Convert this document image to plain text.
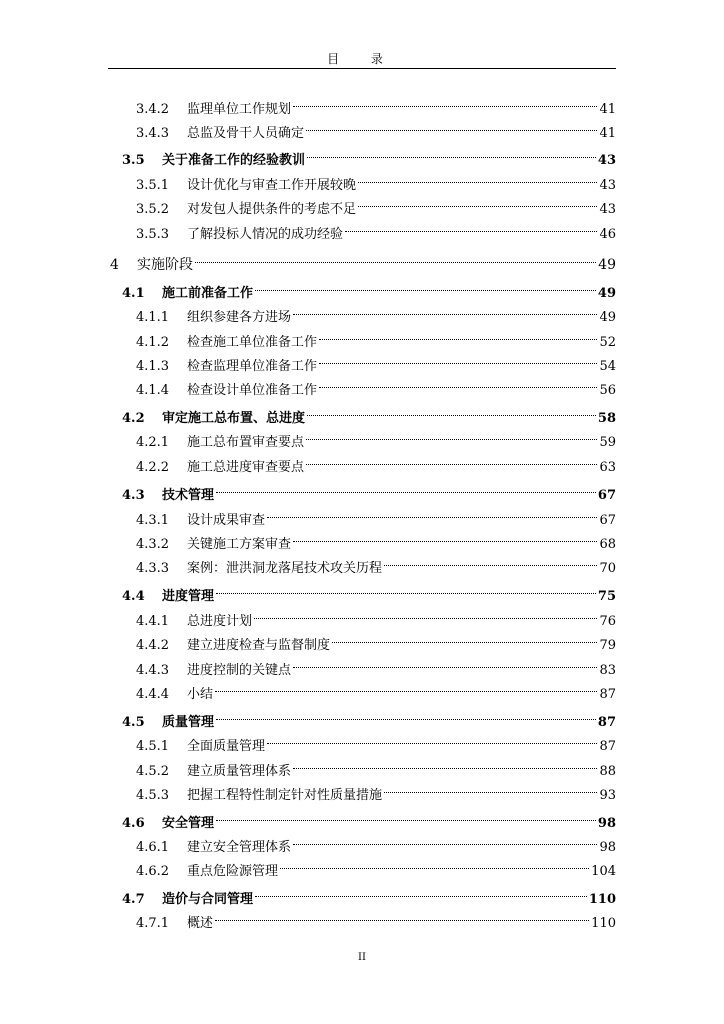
目 录
3.4.2	监理单位工作规划	41
3.4.3	总监及骨干人员确定	41
3.5	关于准备工作的经验教训	43
3.5.1	设计优化与审查工作开展较晚	43
3.5.2	对发包人提供条件的考虑不足	43
3.5.3	了解投标人情况的成功经验	46
4	实施阶段	49
4.1	施工前准备工作	49
4.1.1	组织参建各方进场	49
4.1.2	检查施工单位准备工作	52
4.1.3	检查监理单位准备工作	54
4.1.4	检查设计单位准备工作	56
4.2	审定施工总布置、总进度	58
4.2.1	施工总布置审查要点	59
4.2.2	施工总进度审查要点	63
4.3	技术管理	67
4.3.1	设计成果审查	67
4.3.2	关键施工方案审查	68
4.3.3	案例：泄洪洞龙落尾技术攻关历程	70
4.4	进度管理	75
4.4.1	总进度计划	76
4.4.2	建立进度检查与监督制度	79
4.4.3	进度控制的关键点	83
4.4.4	小结	87
4.5	质量管理	87
4.5.1	全面质量管理	87
4.5.2	建立质量管理体系	88
4.5.3	把握工程特性制定针对性质量措施	93
4.6	安全管理	98
4.6.1	建立安全管理体系	98
4.6.2	重点危险源管理	104
4.7	造价与合同管理	110
4.7.1	概述	110
II
